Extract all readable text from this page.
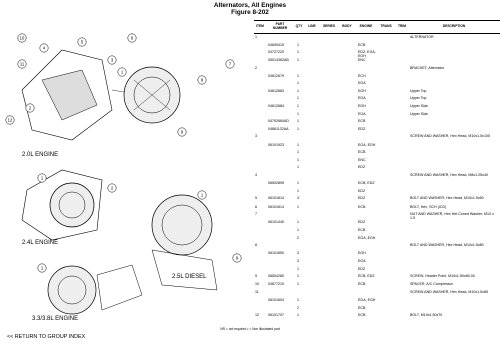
Alternators, All Engines
Figure 8-202
2.0L ENGINE
2.4L ENGINE
3.3/3.8L ENGINE
2.5L DIESEL
10
11
4
12
2
1
6
5
3
8
7
9
1
2
1
1
9
ITEM	PART NUMBER	QTY	LINE	SERIES	BODY	ENGINE	TRANS	TRIM	DESCRIPTION
1	ALTERNATOR
04609415	1	ECB
04727220	1	EDZ, EGA, EGH
05014362AB 1	ENC
2	BRACKET, Alternator
04612679	1	ECH
1	EGA
04612683	1	EGH	Upper Top
1	EGA	Upper Top
04612684	1	EGH	Upper Side
1	EGA	Upper Side
04792660AD 1	ECB
04861132AA 1	EDZ
3	SCREW AND WASHER, Hex Head, M10x1.5x105
06101923	1	EGA, EGH
1	ECB
1	ENC
1	EDZ
4	SCREW AND WASHER, Hex Head, M8x1.25x40
06502895	1	ECB, EDZ
1	EDZ
5	06101614	3	EDZ	BOLT AND WASHER, Hex Head, M10x1.5x50
6	06101614	1	ECB	BOLT, Hex, SCH (ICD)
7	NUT AND WASHER, Hex Hel-Coned Washer, M10 x 1.5
06101440	1	EDZ
1	ECB
2	EGA, EGH
8	BOLT AND WASHER, Hex Head, M10x1.5x80
06101650	3	EGH
3	EGA
1	EDZ
9	06504280	1	ECB, EDZ	SCREW, Header Point, M10x1.50x80.00
10	04677210	1	ECB	SPACER, A/C Compressor
11	SCREW AND WASHER, Hex Head, M10x1.5x85
06101604	1	EGA, EGH
2	ECB
12	06101707	1	ECB	BOLT, M10x1.50x70
NR = not required • = Non illustrated part
<< RETURN TO GROUP INDEX
